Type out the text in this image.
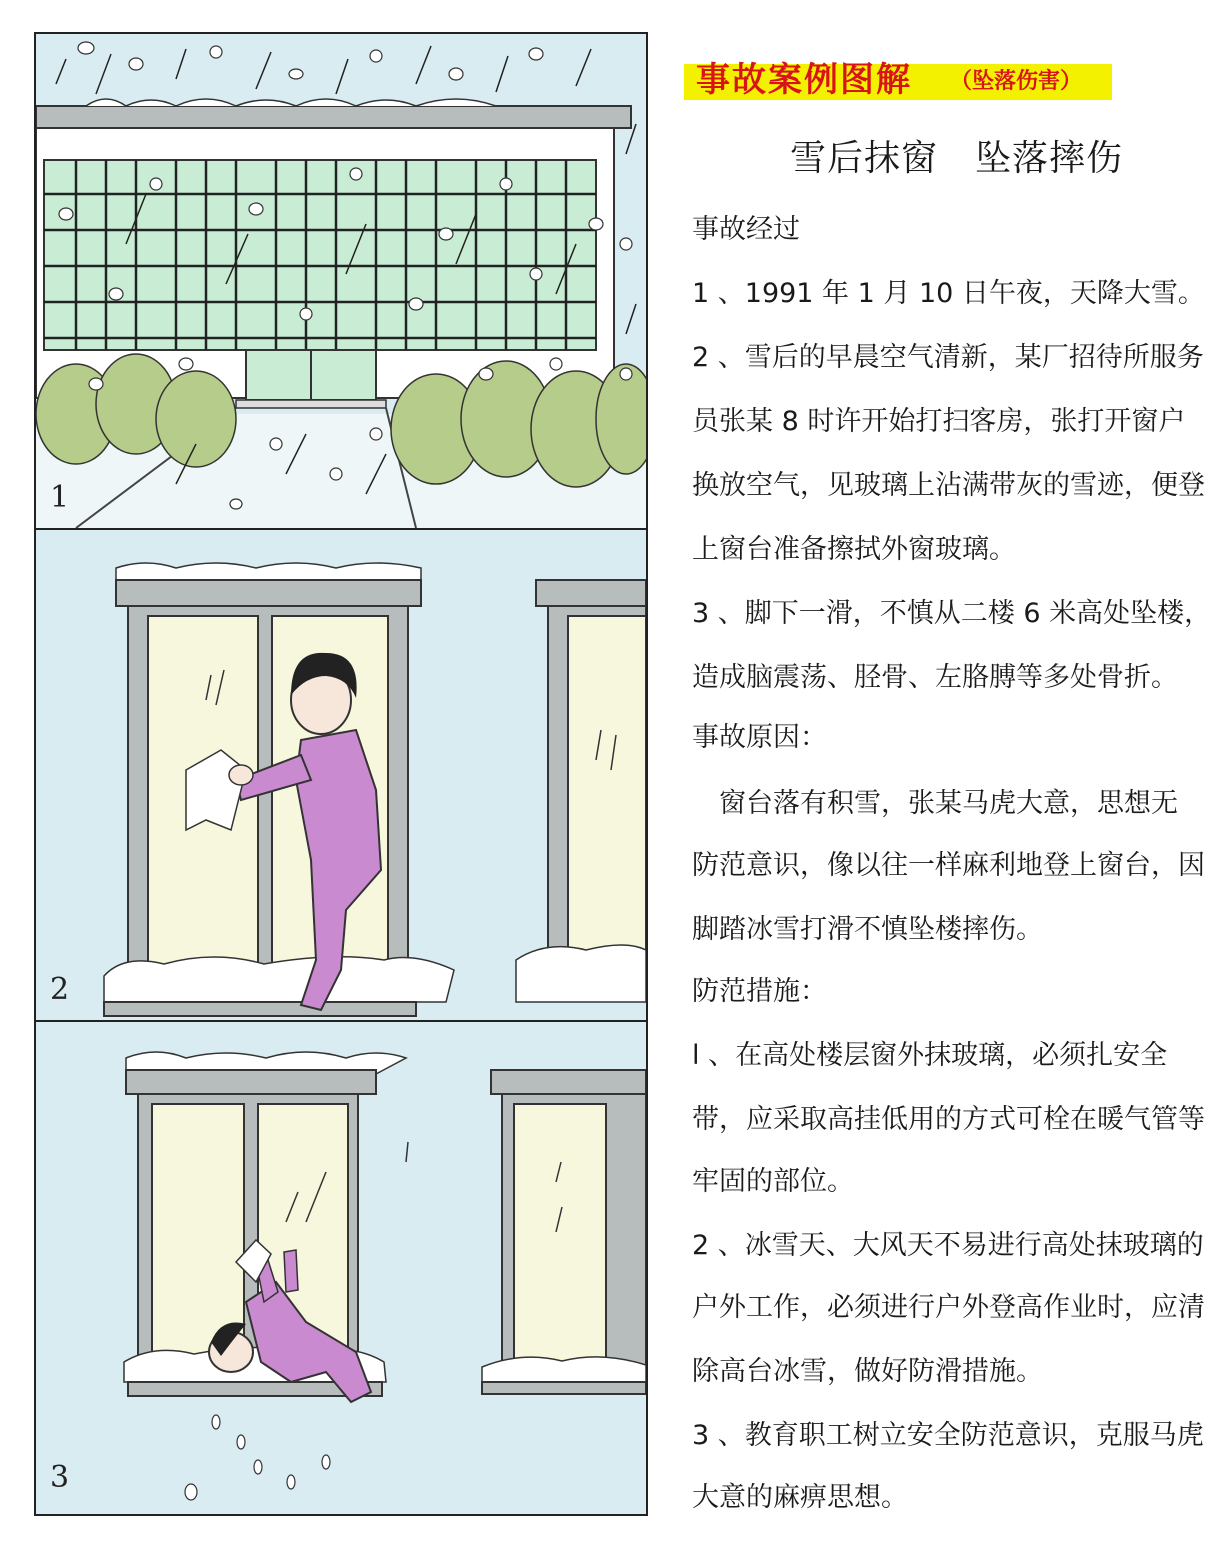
1
2
3
事故案例图解 （坠落伤害）
雪后抹窗　坠落摔伤
事故经过
1 、1991 年 1 月 10 日午夜，天降大雪。
2 、雪后的早晨空气清新，某厂招待所服务
员张某 8 时许开始打扫客房，张打开窗户
换放空气，见玻璃上沾满带灰的雪迹，便登
上窗台准备擦拭外窗玻璃。
3 、脚下一滑，不慎从二楼 6 米高处坠楼，
造成脑震荡、胫骨、左胳膊等多处骨折。
事故原因：
　窗台落有积雪，张某马虎大意，思想无
防范意识，像以往一样麻利地登上窗台，因
脚踏冰雪打滑不慎坠楼摔伤。
防范措施：
l 、在高处楼层窗外抹玻璃，必须扎安全
带，应采取高挂低用的方式可栓在暖气管等
牢固的部位。
2 、冰雪天、大风天不易进行高处抹玻璃的
户外工作，必须进行户外登高作业时，应清
除高台冰雪，做好防滑措施。
3 、教育职工树立安全防范意识，克服马虎
大意的麻痹思想。
